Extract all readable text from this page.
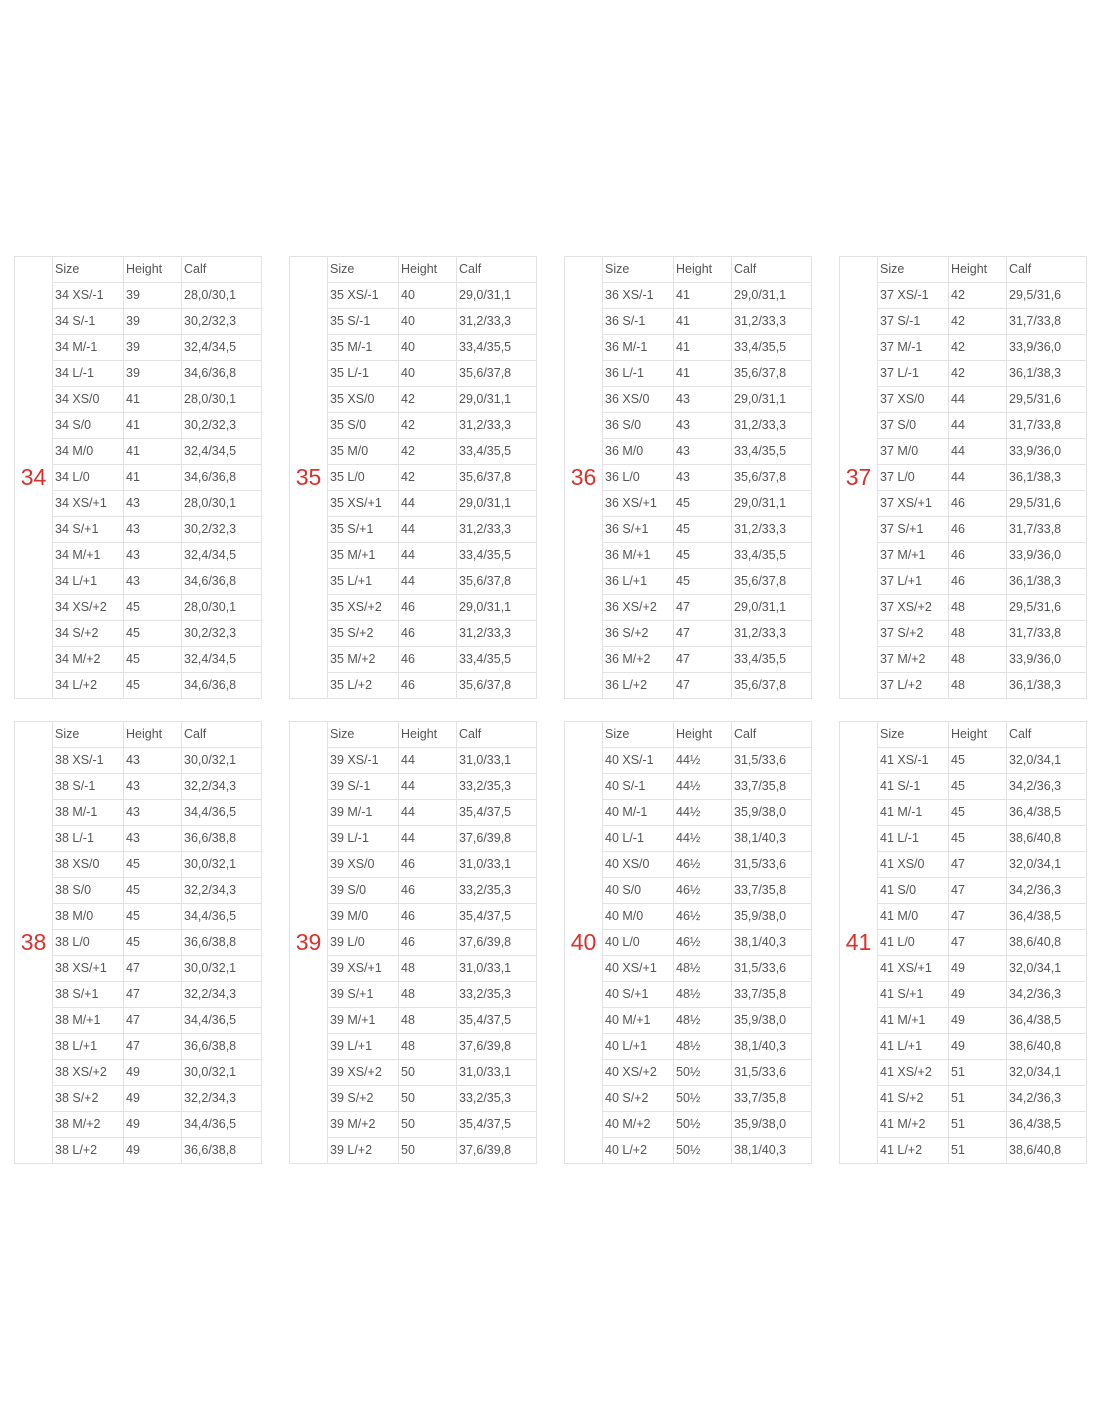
34	Size	Height	Calf
	34 XS/-1	39	28,0/30,1
	34 S/-1	39	30,2/32,3
	34 M/-1	39	32,4/34,5
	34 L/-1	39	34,6/36,8
	34 XS/0	41	28,0/30,1
	34 S/0	41	30,2/32,3
	34 M/0	41	32,4/34,5
	34 L/0	41	34,6/36,8
	34 XS/+1	43	28,0/30,1
	34 S/+1	43	30,2/32,3
	34 M/+1	43	32,4/34,5
	34 L/+1	43	34,6/36,8
	34 XS/+2	45	28,0/30,1
	34 S/+2	45	30,2/32,3
	34 M/+2	45	32,4/34,5
	34 L/+2	45	34,6/36,8
35	Size	Height	Calf
	35 XS/-1	40	29,0/31,1
	35 S/-1	40	31,2/33,3
	35 M/-1	40	33,4/35,5
	35 L/-1	40	35,6/37,8
	35 XS/0	42	29,0/31,1
	35 S/0	42	31,2/33,3
	35 M/0	42	33,4/35,5
	35 L/0	42	35,6/37,8
	35 XS/+1	44	29,0/31,1
	35 S/+1	44	31,2/33,3
	35 M/+1	44	33,4/35,5
	35 L/+1	44	35,6/37,8
	35 XS/+2	46	29,0/31,1
	35 S/+2	46	31,2/33,3
	35 M/+2	46	33,4/35,5
	35 L/+2	46	35,6/37,8
36	Size	Height	Calf
	36 XS/-1	41	29,0/31,1
	36 S/-1	41	31,2/33,3
	36 M/-1	41	33,4/35,5
	36 L/-1	41	35,6/37,8
	36 XS/0	43	29,0/31,1
	36 S/0	43	31,2/33,3
	36 M/0	43	33,4/35,5
	36 L/0	43	35,6/37,8
	36 XS/+1	45	29,0/31,1
	36 S/+1	45	31,2/33,3
	36 M/+1	45	33,4/35,5
	36 L/+1	45	35,6/37,8
	36 XS/+2	47	29,0/31,1
	36 S/+2	47	31,2/33,3
	36 M/+2	47	33,4/35,5
	36 L/+2	47	35,6/37,8
37	Size	Height	Calf
	37 XS/-1	42	29,5/31,6
	37 S/-1	42	31,7/33,8
	37 M/-1	42	33,9/36,0
	37 L/-1	42	36,1/38,3
	37 XS/0	44	29,5/31,6
	37 S/0	44	31,7/33,8
	37 M/0	44	33,9/36,0
	37 L/0	44	36,1/38,3
	37 XS/+1	46	29,5/31,6
	37 S/+1	46	31,7/33,8
	37 M/+1	46	33,9/36,0
	37 L/+1	46	36,1/38,3
	37 XS/+2	48	29,5/31,6
	37 S/+2	48	31,7/33,8
	37 M/+2	48	33,9/36,0
	37 L/+2	48	36,1/38,3
38	Size	Height	Calf
	38 XS/-1	43	30,0/32,1
	38 S/-1	43	32,2/34,3
	38 M/-1	43	34,4/36,5
	38 L/-1	43	36,6/38,8
	38 XS/0	45	30,0/32,1
	38 S/0	45	32,2/34,3
	38 M/0	45	34,4/36,5
	38 L/0	45	36,6/38,8
	38 XS/+1	47	30,0/32,1
	38 S/+1	47	32,2/34,3
	38 M/+1	47	34,4/36,5
	38 L/+1	47	36,6/38,8
	38 XS/+2	49	30,0/32,1
	38 S/+2	49	32,2/34,3
	38 M/+2	49	34,4/36,5
	38 L/+2	49	36,6/38,8
39	Size	Height	Calf
	39 XS/-1	44	31,0/33,1
	39 S/-1	44	33,2/35,3
	39 M/-1	44	35,4/37,5
	39 L/-1	44	37,6/39,8
	39 XS/0	46	31,0/33,1
	39 S/0	46	33,2/35,3
	39 M/0	46	35,4/37,5
	39 L/0	46	37,6/39,8
	39 XS/+1	48	31,0/33,1
	39 S/+1	48	33,2/35,3
	39 M/+1	48	35,4/37,5
	39 L/+1	48	37,6/39,8
	39 XS/+2	50	31,0/33,1
	39 S/+2	50	33,2/35,3
	39 M/+2	50	35,4/37,5
	39 L/+2	50	37,6/39,8
40	Size	Height	Calf
	40 XS/-1	44½	31,5/33,6
	40 S/-1	44½	33,7/35,8
	40 M/-1	44½	35,9/38,0
	40 L/-1	44½	38,1/40,3
	40 XS/0	46½	31,5/33,6
	40 S/0	46½	33,7/35,8
	40 M/0	46½	35,9/38,0
	40 L/0	46½	38,1/40,3
	40 XS/+1	48½	31,5/33,6
	40 S/+1	48½	33,7/35,8
	40 M/+1	48½	35,9/38,0
	40 L/+1	48½	38,1/40,3
	40 XS/+2	50½	31,5/33,6
	40 S/+2	50½	33,7/35,8
	40 M/+2	50½	35,9/38,0
	40 L/+2	50½	38,1/40,3
41	Size	Height	Calf
	41 XS/-1	45	32,0/34,1
	41 S/-1	45	34,2/36,3
	41 M/-1	45	36,4/38,5
	41 L/-1	45	38,6/40,8
	41 XS/0	47	32,0/34,1
	41 S/0	47	34,2/36,3
	41 M/0	47	36,4/38,5
	41 L/0	47	38,6/40,8
	41 XS/+1	49	32,0/34,1
	41 S/+1	49	34,2/36,3
	41 M/+1	49	36,4/38,5
	41 L/+1	49	38,6/40,8
	41 XS/+2	51	32,0/34,1
	41 S/+2	51	34,2/36,3
	41 M/+2	51	36,4/38,5
	41 L/+2	51	38,6/40,8
